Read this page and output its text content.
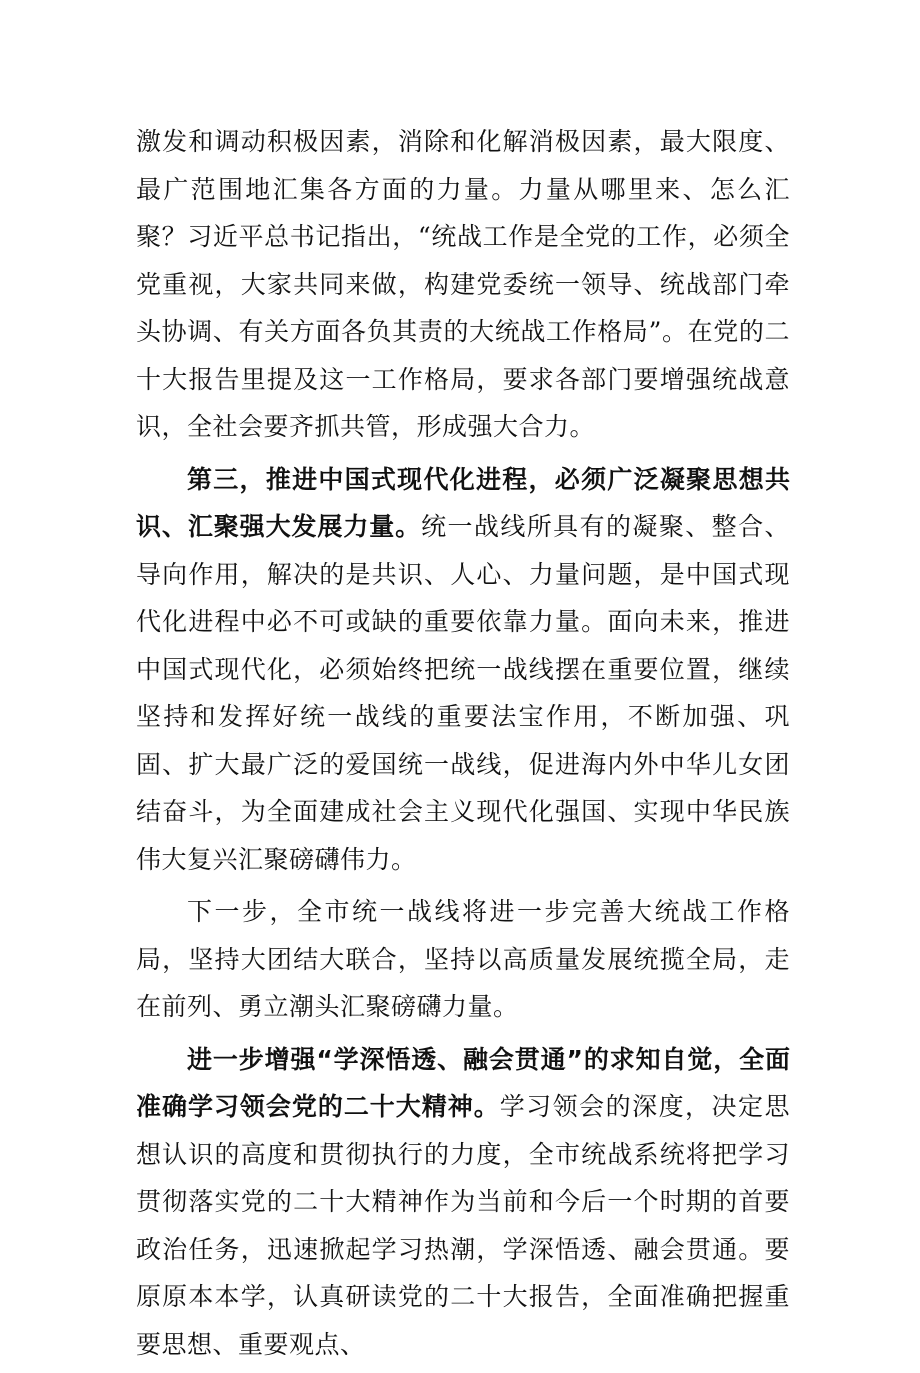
激发和调动积极因素，消除和化解消极因素，最大限度、最广范围地汇集各方面的力量。力量从哪里来、怎么汇聚？习近平总书记指出，“统战工作是全党的工作，必须全党重视，大家共同来做，构建党委统一领导、统战部门牵头协调、有关方面各负其责的大统战工作格局”。在党的二十大报告里提及这一工作格局，要求各部门要增强统战意识，全社会要齐抓共管，形成强大合力。

第三，推进中国式现代化进程，必须广泛凝聚思想共识、汇聚强大发展力量。统一战线所具有的凝聚、整合、导向作用，解决的是共识、人心、力量问题，是中国式现代化进程中必不可或缺的重要依靠力量。面向未来，推进中国式现代化，必须始终把统一战线摆在重要位置，继续坚持和发挥好统一战线的重要法宝作用，不断加强、巩固、扩大最广泛的爱国统一战线，促进海内外中华儿女团结奋斗，为全面建成社会主义现代化强国、实现中华民族伟大复兴汇聚磅礴伟力。

下一步，全市统一战线将进一步完善大统战工作格局，坚持大团结大联合，坚持以高质量发展统揽全局，走在前列、勇立潮头汇聚磅礴力量。

进一步增强“学深悟透、融会贯通”的求知自觉，全面准确学习领会党的二十大精神。学习领会的深度，决定思想认识的高度和贯彻执行的力度，全市统战系统将把学习贯彻落实党的二十大精神作为当前和今后一个时期的首要政治任务，迅速掀起学习热潮，学深悟透、融会贯通。要原原本本学，认真研读党的二十大报告，全面准确把握重要思想、重要观点、
